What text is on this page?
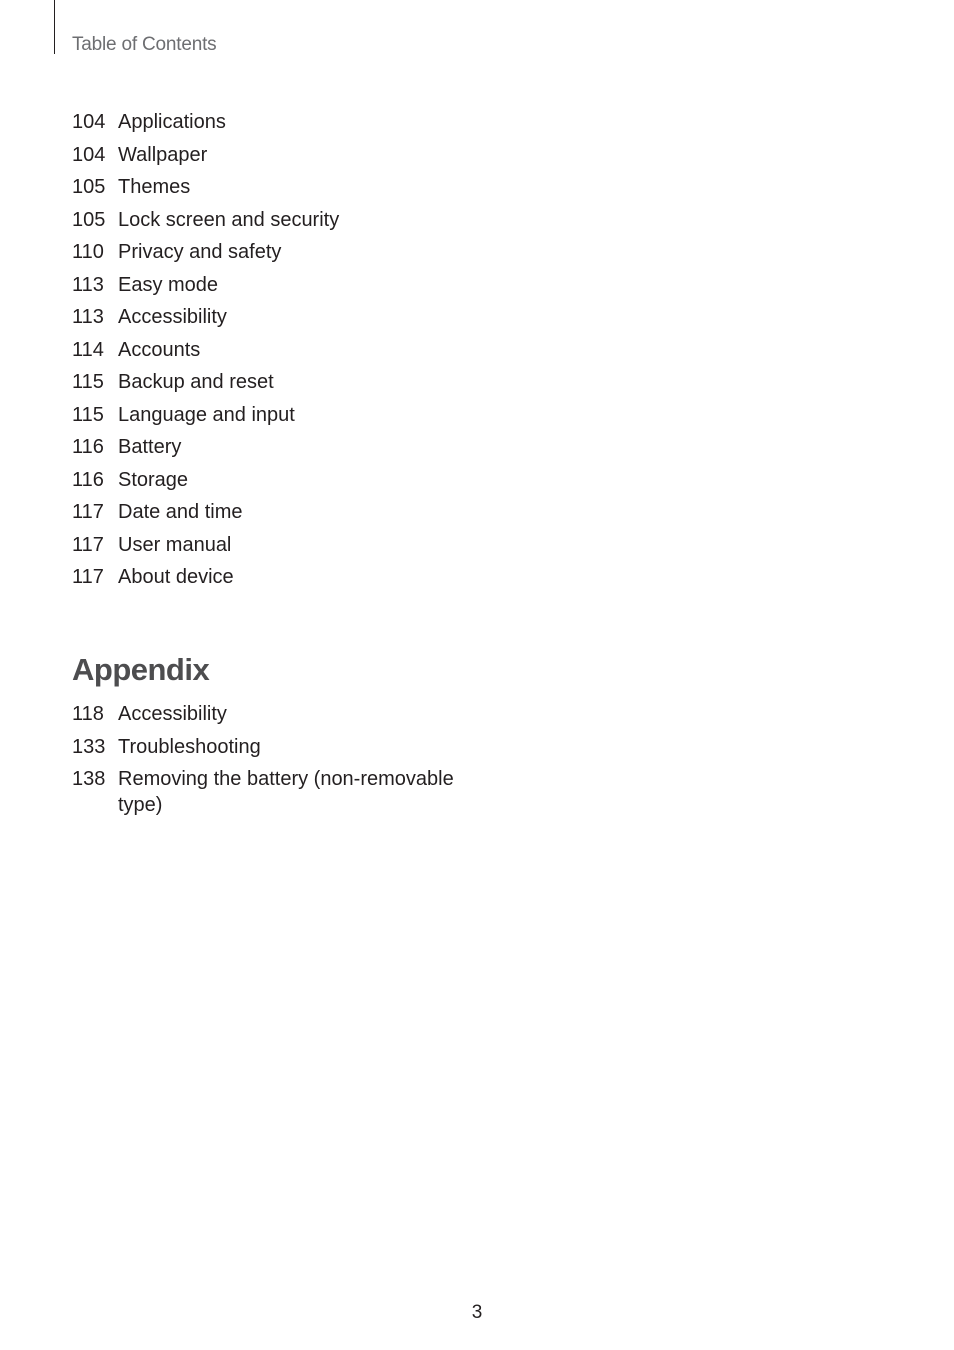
Table of Contents
104 Applications
104 Wallpaper
105 Themes
105 Lock screen and security
110 Privacy and safety
113 Easy mode
113 Accessibility
114 Accounts
115 Backup and reset
115 Language and input
116 Battery
116 Storage
117 Date and time
117 User manual
117 About device
Appendix
118 Accessibility
133 Troubleshooting
138 Removing the battery (non-removable type)
3
